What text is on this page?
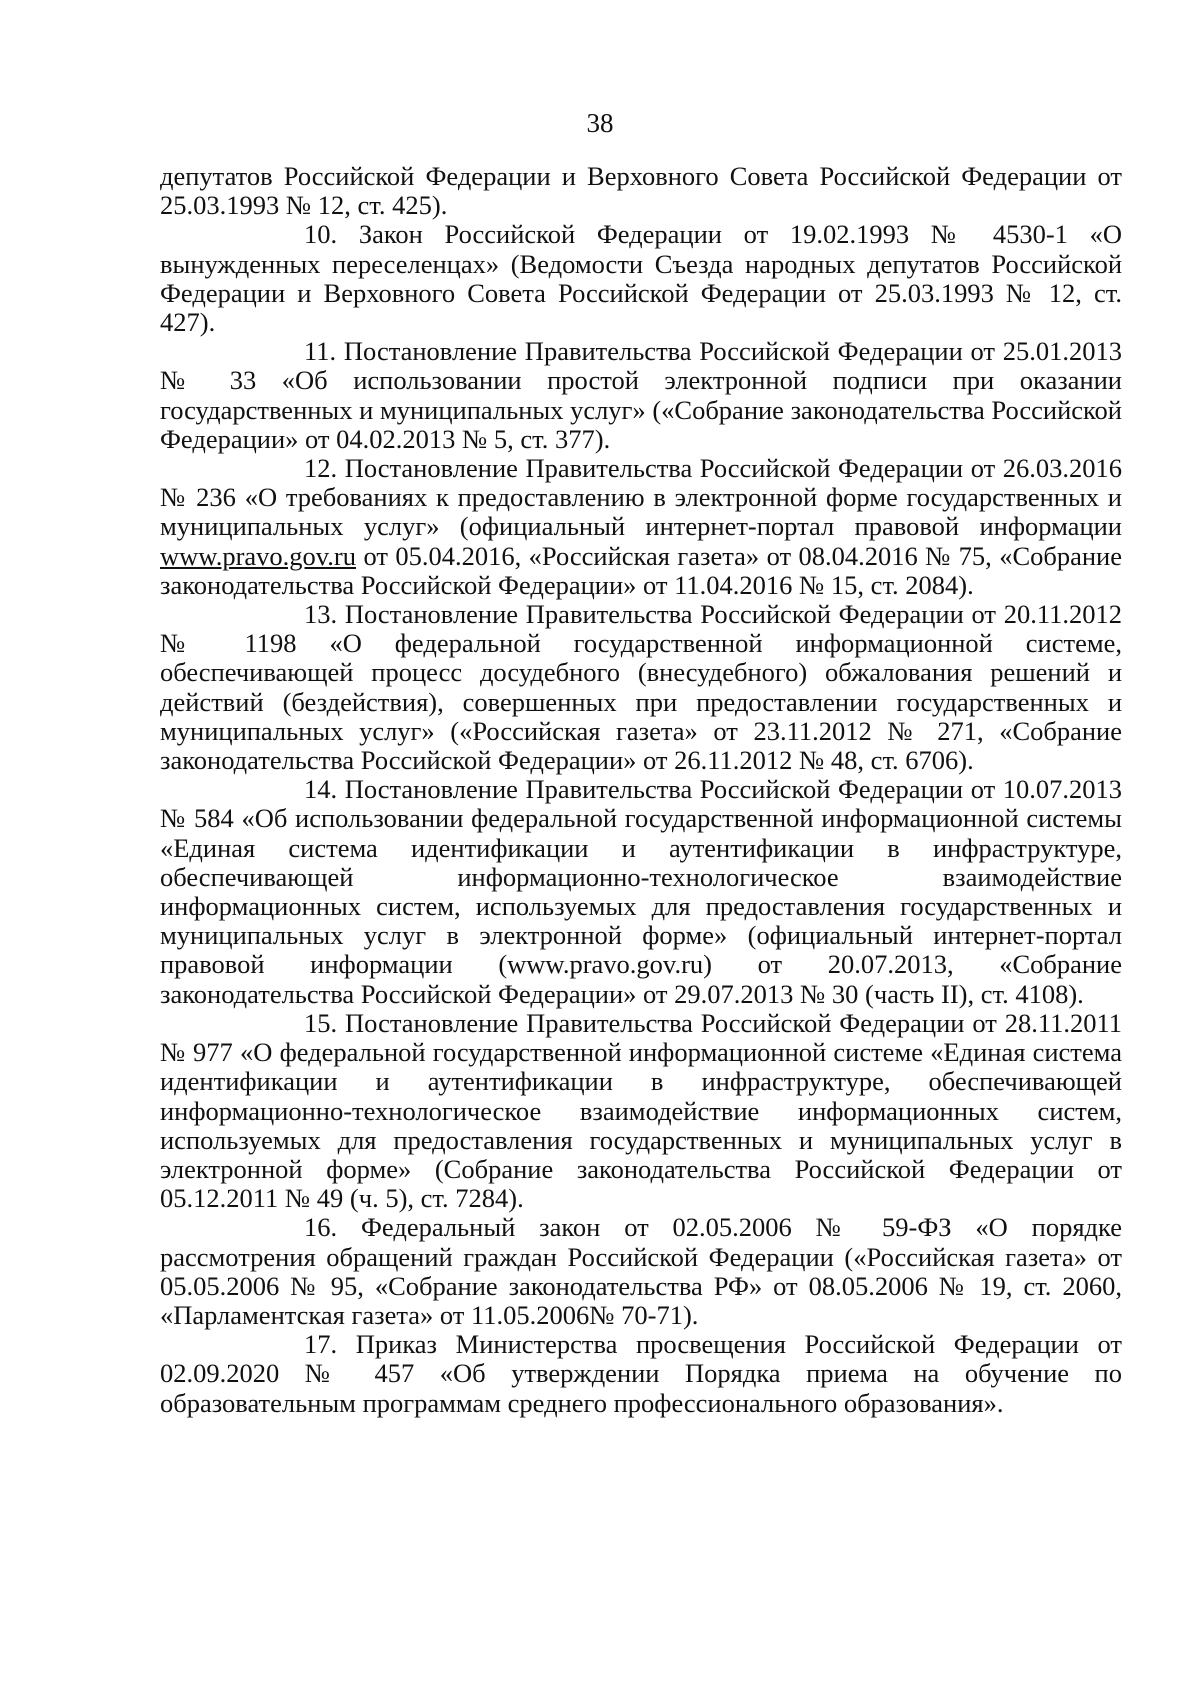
38

депутатов Российской Федерации и Верховного Совета Российской Федерации от 25.03.1993 № 12, ст. 425).

10. Закон Российской Федерации от 19.02.1993 № 4530-1 «О вынужденных переселенцах» (Ведомости Съезда народных депутатов Российской Федерации и Верховного Совета Российской Федерации от 25.03.1993 № 12, ст. 427).

11. Постановление Правительства Российской Федерации от 25.01.2013 № 33 «Об использовании простой электронной подписи при оказании государственных и муниципальных услуг» («Собрание законодательства Российской Федерации» от 04.02.2013 № 5, ст. 377).

12. Постановление Правительства Российской Федерации от 26.03.2016 № 236 «О требованиях к предоставлению в электронной форме государственных и муниципальных услуг» (официальный интернет-портал правовой информации www.pravo.gov.ru от 05.04.2016, «Российская газета» от 08.04.2016 № 75, «Собрание законодательства Российской Федерации» от 11.04.2016 № 15, ст. 2084).

13. Постановление Правительства Российской Федерации от 20.11.2012 № 1198 «О федеральной государственной информационной системе, обеспечивающей процесс досудебного (внесудебного) обжалования решений и действий (бездействия), совершенных при предоставлении государственных и муниципальных услуг» («Российская газета» от 23.11.2012 № 271, «Собрание законодательства Российской Федерации» от 26.11.2012 № 48, ст. 6706).

14. Постановление Правительства Российской Федерации от 10.07.2013 № 584 «Об использовании федеральной государственной информационной системы «Единая система идентификации и аутентификации в инфраструктуре, обеспечивающей информационно-технологическое взаимодействие информационных систем, используемых для предоставления государственных и муниципальных услуг в электронной форме» (официальный интернет-портал правовой информации (www.pravo.gov.ru) от 20.07.2013, «Собрание законодательства Российской Федерации» от 29.07.2013 № 30 (часть II), ст. 4108).

15. Постановление Правительства Российской Федерации от 28.11.2011 № 977 «О федеральной государственной информационной системе «Единая система идентификации и аутентификации в инфраструктуре, обеспечивающей информационно-технологическое взаимодействие информационных систем, используемых для предоставления государственных и муниципальных услуг в электронной форме» (Собрание законодательства Российской Федерации от 05.12.2011 № 49 (ч. 5), ст. 7284).

16. Федеральный закон от 02.05.2006 № 59-ФЗ «О порядке рассмотрения обращений граждан Российской Федерации («Российская газета» от 05.05.2006 № 95, «Собрание законодательства РФ» от 08.05.2006 № 19, ст. 2060, «Парламентская газета» от 11.05.2006№ 70-71).

17. Приказ Министерства просвещения Российской Федерации от 02.09.2020 № 457 «Об утверждении Порядка приема на обучение по образовательным программам среднего профессионального образования».
